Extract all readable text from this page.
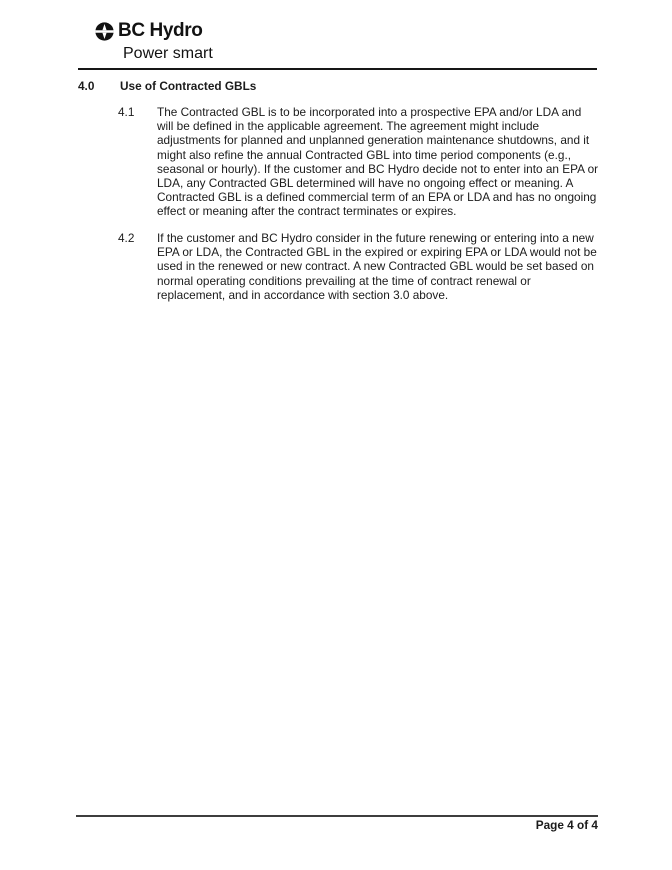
BC Hydro
Power smart
4.0	Use of Contracted GBLs
4.1	The Contracted GBL is to be incorporated into a prospective EPA and/or LDA and will be defined in the applicable agreement. The agreement might include adjustments for planned and unplanned generation maintenance shutdowns, and it might also refine the annual Contracted GBL into time period components (e.g., seasonal or hourly). If the customer and BC Hydro decide not to enter into an EPA or LDA, any Contracted GBL determined will have no ongoing effect or meaning. A Contracted GBL is a defined commercial term of an EPA or LDA and has no ongoing effect or meaning after the contract terminates or expires.
4.2	If the customer and BC Hydro consider in the future renewing or entering into a new EPA or LDA, the Contracted GBL in the expired or expiring EPA or LDA would not be used in the renewed or new contract. A new Contracted GBL would be set based on normal operating conditions prevailing at the time of contract renewal or replacement, and in accordance with section 3.0 above.
Page 4 of 4
